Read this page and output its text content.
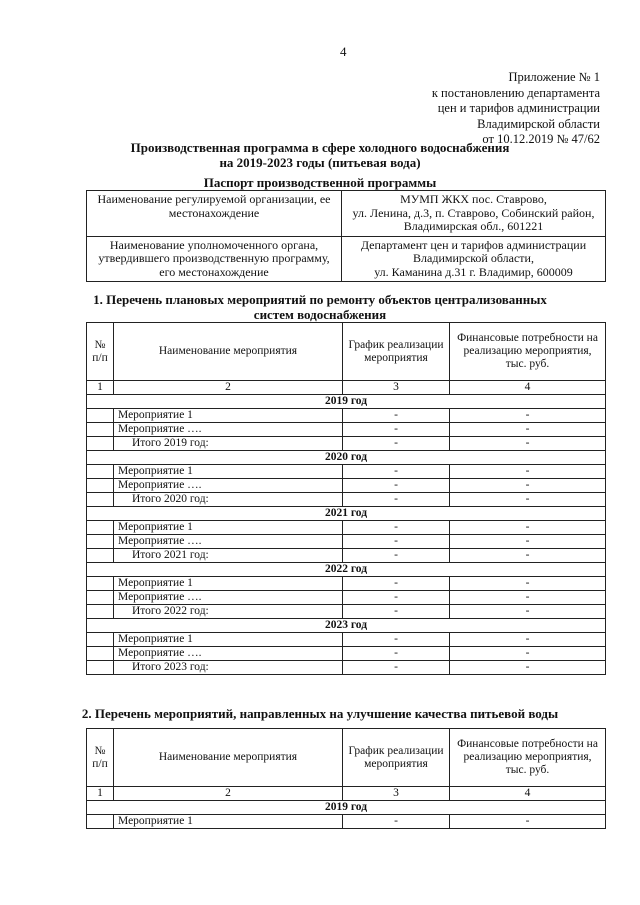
4
Приложение № 1
к постановлению департамента
цен и тарифов администрации
Владимирской области
от 10.12.2019 № 47/62
Производственная программа в сфере холодного водоснабжения
на 2019-2023 годы (питьевая вода)
Паспорт производственной программы
Наименование регулируемой организации, ее местонахождение	МУМП ЖКХ пос. Ставрово,
ул. Ленина, д.3, п. Ставрово, Собинский район,
Владимирская обл., 601221

Наименование уполномоченного органа, утвердившего производственную программу, его местонахождение	Департамент цен и тарифов администрации
Владимирской области,
ул. Каманина д.31 г. Владимир, 600009
1. Перечень плановых мероприятий по ремонту объектов централизованных
систем водоснабжения
№ п/п	Наименование мероприятия	График реализации мероприятия	Финансовые потребности на реализацию мероприятия, тыс. руб.
1	2	3	4
2019 год			
	Мероприятие 1	-	-
	Мероприятие ….	-	-
	Итого 2019 год:	-	-
2020 год			
	Мероприятие 1	-	-
	Мероприятие ….	-	-
	Итого 2020 год:	-	-
2021 год			
	Мероприятие 1	-	-
	Мероприятие ….	-	-
	Итого 2021 год:	-	-
2022 год			
	Мероприятие 1	-	-
	Мероприятие ….	-	-
	Итого 2022 год:	-	-
2023 год			
	Мероприятие 1	-	-
	Мероприятие ….	-	-
	Итого 2023 год:	-	-
2. Перечень мероприятий, направленных на улучшение качества питьевой воды
№ п/п	Наименование мероприятия	График реализации мероприятия	Финансовые потребности на реализацию мероприятия, тыс. руб.
1	2	3	4
2019 год			
	Мероприятие 1	-	-
